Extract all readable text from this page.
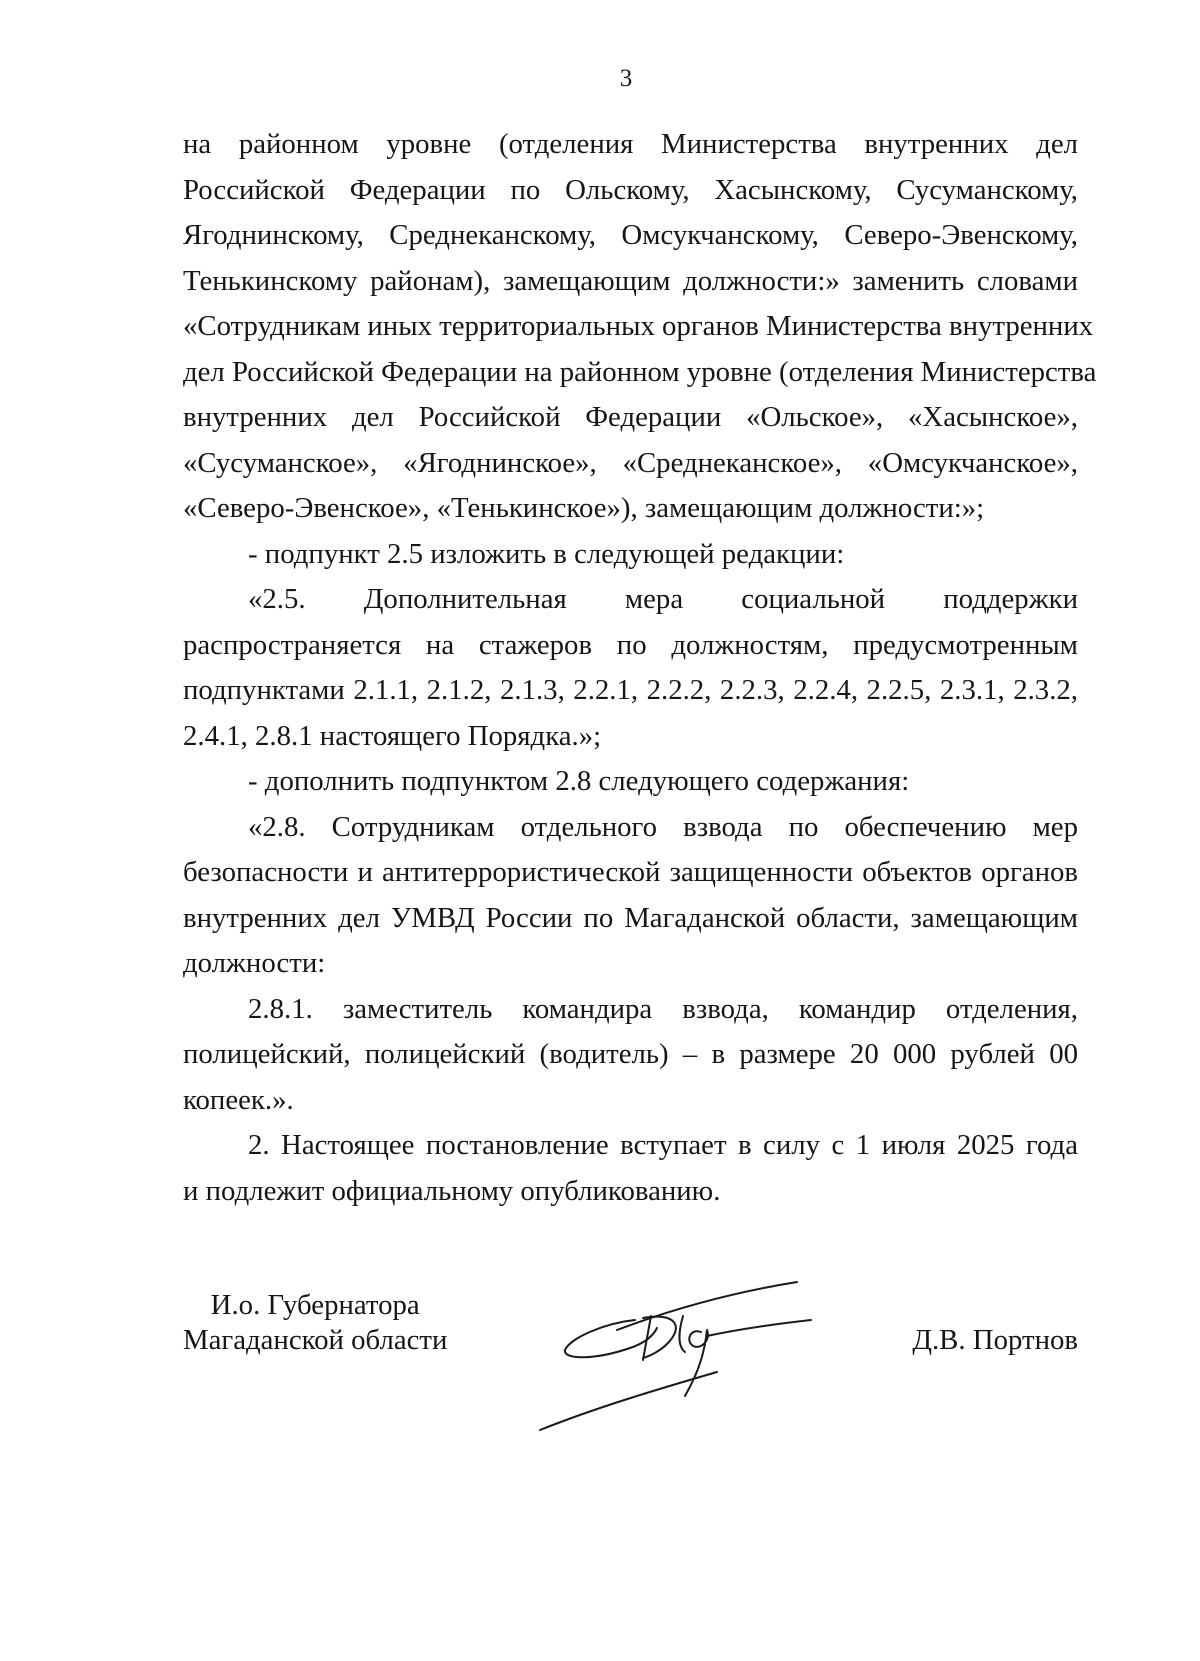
3
на районном уровне (отделения Министерства внутренних дел
Российской Федерации по Ольскому, Хасынскому, Сусуманскому,
Ягоднинскому, Среднеканскому, Омсукчанскому, Северо-Эвенскому,
Тенькинскому районам), замещающим должности:» заменить словами
«Сотрудникам иных территориальных органов Министерства внутренних
дел Российской Федерации на районном уровне (отделения Министерства
внутренних дел Российской Федерации «Ольское», «Хасынское»,
«Сусуманское», «Ягоднинское», «Среднеканское», «Омсукчанское»,
«Северо-Эвенское», «Тенькинское»), замещающим должности:»;
- подпункт 2.5 изложить в следующей редакции:
«2.5. Дополнительная мера социальной поддержки
распространяется на стажеров по должностям, предусмотренным
подпунктами 2.1.1, 2.1.2, 2.1.3, 2.2.1, 2.2.2, 2.2.3, 2.2.4, 2.2.5, 2.3.1, 2.3.2,
2.4.1, 2.8.1 настоящего Порядка.»;
- дополнить подпунктом 2.8 следующего содержания:
«2.8. Сотрудникам отдельного взвода по обеспечению мер
безопасности и антитеррористической защищенности объектов органов
внутренних дел УМВД России по Магаданской области, замещающим
должности:
2.8.1. заместитель командира взвода, командир отделения,
полицейский, полицейский (водитель) – в размере 20 000 рублей 00
копеек.».
2. Настоящее постановление вступает в силу с 1 июля 2025 года
и подлежит официальному опубликованию.
И.о. Губернатора
Магаданской области	Д.В. Портнов
